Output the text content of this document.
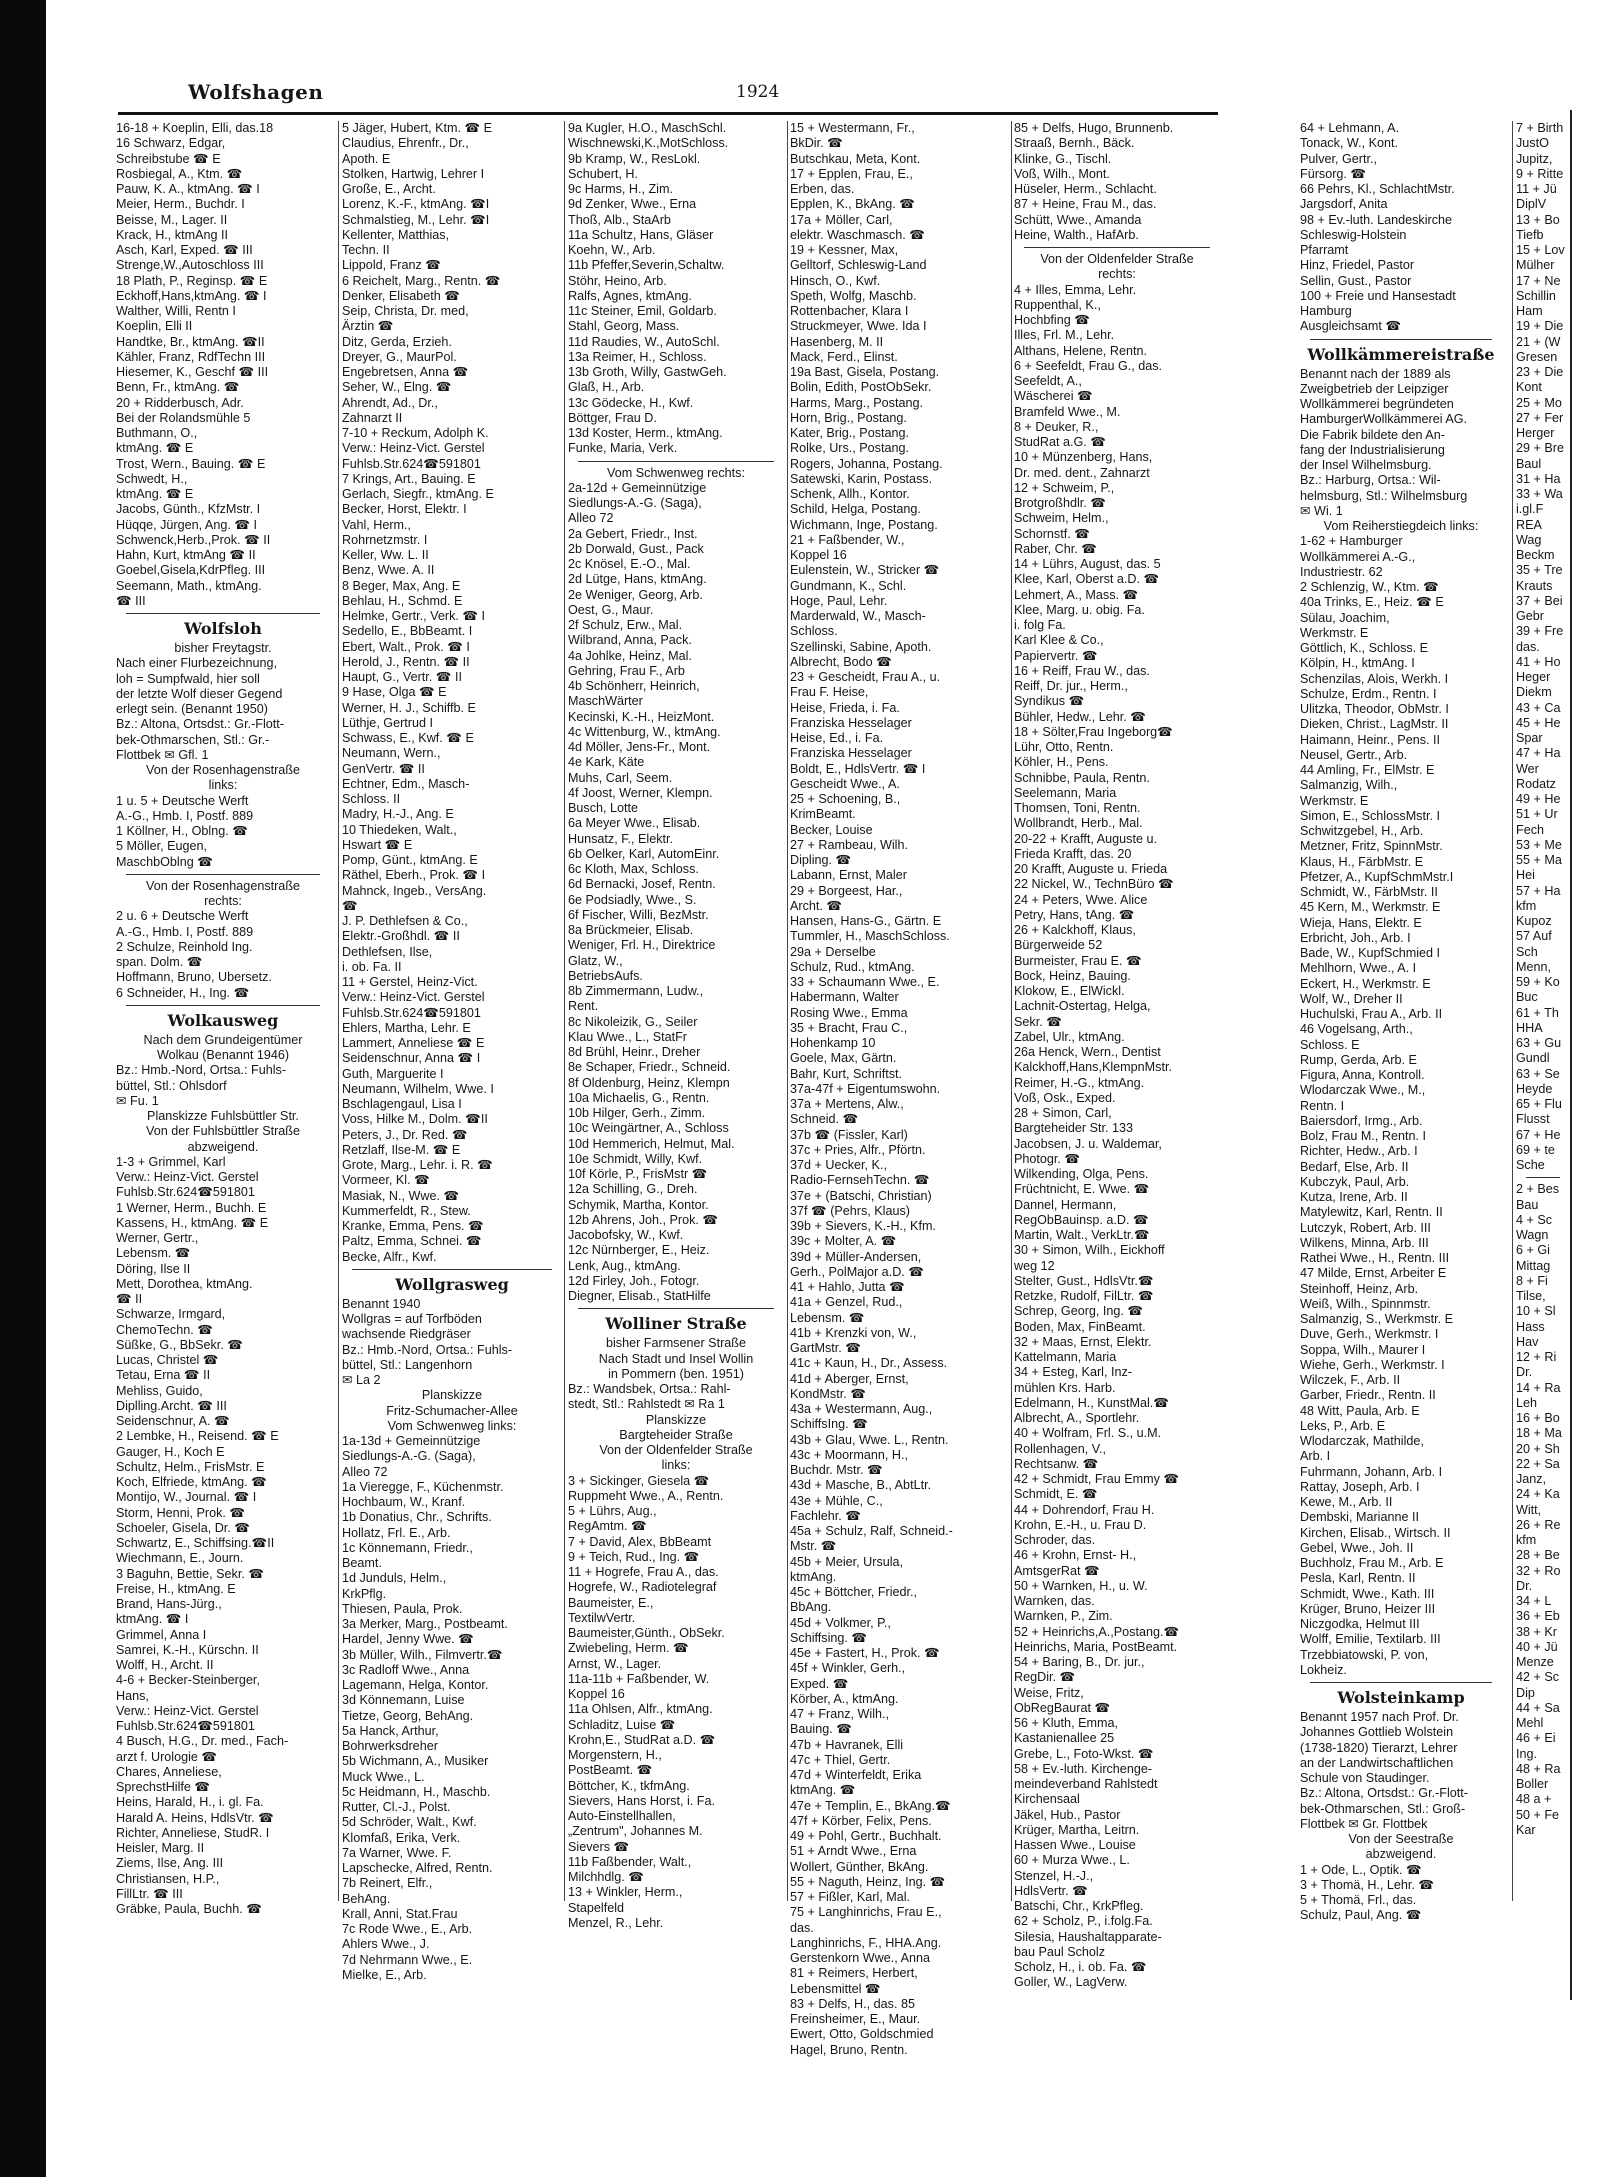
Wolfshagen	1924
16-18 + Koeplin, Elli, das.18
16 Schwarz, Edgar,
Schreibstube ☎ E
Rosbiegal, A., Ktm. ☎
Pauw, K. A., ktmAng. ☎ I
Meier, Herm., Buchdr. I
Beisse, M., Lager. II
Krack, H., ktmAng II
Asch, Karl, Exped. ☎ III
Strenge,W.,Autoschloss III
18 Plath, P., Reginsp. ☎ E
Eckhoff,Hans,ktmAng. ☎ I
Walther, Willi, Rentn I
Koeplin, Elli II
Handtke, Br., ktmAng. ☎II
Kähler, Franz, RdfTechn III
Hiesemer, K., Geschf ☎ III
Benn, Fr., ktmAng. ☎
20 + Ridderbusch, Adr.
Bei der Rolandsmühle 5
Buthmann, O.,
ktmAng. ☎ E
Trost, Wern., Bauing. ☎ E
Schwedt, H.,
ktmAng. ☎ E
Jacobs, Günth., KfzMstr. I
Hüqqe, Jürgen, Ang. ☎ I
Schwenck,Herb.,Prok. ☎ II
Hahn, Kurt, ktmAng ☎ II
Goebel,Gisela,KdrPfleg. III
Seemann, Math., ktmAng.
☎ III
Wolfsloh
bisher Freytagstr.
Nach einer Flurbezeichnung,
loh = Sumpfwald, hier soll
der letzte Wolf dieser Gegend
erlegt sein. (Benannt 1950)
Bz.: Altona, Ortsdst.: Gr.-Flott-
bek-Othmarschen, Stl.: Gr.-
Flottbek ✉ Gfl. 1
Von der Rosenhagenstraße
links:
1 u. 5 + Deutsche Werft
A.-G., Hmb. I, Postf. 889
1 Köllner, H., Oblng. ☎
5 Möller, Eugen,
MaschbOblng ☎
Von der Rosenhagenstraße
rechts:
2 u. 6 + Deutsche Werft
A.-G., Hmb. I, Postf. 889
2 Schulze, Reinhold Ing.
span. Dolm. ☎
Hoffmann, Bruno, Ubersetz.
6 Schneider, H., Ing. ☎
Wolkausweg
Nach dem Grundeigentümer
Wolkau (Benannt 1946)
Bz.: Hmb.-Nord, Ortsa.: Fuhls-
büttel, Stl.: Ohlsdorf
✉ Fu. 1
Planskizze Fuhlsbüttler Str.
Von der Fuhlsbüttler Straße
abzweigend.
1-3 + Grimmel, Karl
Verw.: Heinz-Vict. Gerstel
Fuhlsb.Str.624☎591801
1 Werner, Herm., Buchh. E
Kassens, H., ktmAng. ☎ E
Werner, Gertr.,
Lebensm. ☎
Döring, Ilse II
Mett, Dorothea, ktmAng.
☎ II
Schwarze, Irmgard,
ChemoTechn. ☎
Süßke, G., BbSekr. ☎
Lucas, Christel ☎
Tetau, Erna ☎ II
Mehliss, Guido,
Diplling.Archt. ☎ III
Seidenschnur, A. ☎
2 Lembke, H., Reisend. ☎ E
Gauger, H., Koch E
Schultz, Helm., FrisMstr. E
Koch, Elfriede, ktmAng. ☎
Montijo, W., Journal. ☎ I
Storm, Henni, Prok. ☎
Schoeler, Gisela, Dr. ☎
Schwartz, E., Schiffsing.☎II
Wiechmann, E., Journ.
3 Baguhn, Bettie, Sekr. ☎
Freise, H., ktmAng. E
Brand, Hans-Jürg.,
ktmAng. ☎ I
Grimmel, Anna I
Samrei, K.-H., Kürschn. II
Wolff, H., Archt. II
4-6 + Becker-Steinberger,
Hans,
Verw.: Heinz-Vict. Gerstel
Fuhlsb.Str.624☎591801
4 Busch, H.G., Dr. med., Fach-
arzt f. Urologie ☎
Chares, Anneliese,
SprechstHilfe ☎
Heins, Harald, H., i. gl. Fa.
Harald A. Heins, HdlsVtr. ☎
Richter, Anneliese, StudR. I
Heisler, Marg. II
Ziems, Ilse, Ang. III
Christiansen, H.P.,
FillLtr. ☎ III
Gräbke, Paula, Buchh. ☎
5 Jäger, Hubert, Ktm. ☎ E
Claudius, Ehrenfr., Dr.,
Apoth. E
Stolken, Hartwig, Lehrer I
Große, E., Archt.
Lorenz, K.-F., ktmAng. ☎I
Schmalstieg, M., Lehr. ☎I
Kellenter, Matthias,
Techn. II
Lippold, Franz ☎
6 Reichelt, Marg., Rentn. ☎
Denker, Elisabeth ☎
Seip, Christa, Dr. med,
Ärztin ☎
Ditz, Gerda, Erzieh.
Dreyer, G., MaurPol.
Engebretsen, Anna ☎
Seher, W., Elng. ☎
Ahrendt, Ad., Dr.,
Zahnarzt II
7-10 + Reckum, Adolph K.
Verw.: Heinz-Vict. Gerstel
Fuhlsb.Str.624☎591801
7 Krings, Art., Bauing. E
Gerlach, Siegfr., ktmAng. E
Becker, Horst, Elektr. I
Vahl, Herm.,
Rohrnetzmstr. I
Keller, Ww. L. II
Benz, Wwe. A. II
8 Beger, Max, Ang. E
Behlau, H., Schmd. E
Helmke, Gertr., Verk. ☎ I
Sedello, E., BbBeamt. I
Ebert, Walt., Prok. ☎ I
Herold, J., Rentn. ☎ II
Haupt, G., Vertr. ☎ II
9 Hase, Olga ☎ E
Werner, H. J., Schiffb. E
Lüthje, Gertrud I
Schwass, E., Kwf. ☎ E
Neumann, Wern.,
GenVertr. ☎ II
Echtner, Edm., Masch-
Schloss. II
Madry, H.-J., Ang. E
10 Thiedeken, Walt.,
Hswart ☎ E
Pomp, Günt., ktmAng. E
Räthel, Eberh., Prok. ☎ I
Mahnck, Ingeb., VersAng.
☎
J. P. Dethlefsen & Co.,
Elektr.-Großhdl. ☎ II
Dethlefsen, Ilse,
i. ob. Fa. II
11 + Gerstel, Heinz-Vict.
Verw.: Heinz-Vict. Gerstel
Fuhlsb.Str.624☎591801
Ehlers, Martha, Lehr. E
Lammert, Anneliese ☎ E
Seidenschnur, Anna ☎ I
Guth, Marguerite I
Neumann, Wilhelm, Wwe. I
Bschlagengaul, Lisa I
Voss, Hilke M., Dolm. ☎II
Peters, J., Dr. Red. ☎
Retzlaff, Ilse-M. ☎ E
Grote, Marg., Lehr. i. R. ☎
Vormeer, Kl. ☎
Masiak, N., Wwe. ☎
Kummerfeldt, R., Stew.
Kranke, Emma, Pens. ☎
Paltz, Emma, Schnei. ☎
Becke, Alfr., Kwf.
Wollgrasweg
Benannt 1940
Wollgras = auf Torfböden
wachsende Riedgräser
Bz.: Hmb.-Nord, Ortsa.: Fuhls-
büttel, Stl.: Langenhorn
✉ La 2
Planskizze
Fritz-Schumacher-Allee
Vom Schwenweg links:
1a-13d + Gemeinnützige
Siedlungs-A.-G. (Saga),
Alleo 72
1a Vieregge, F., Küchenmstr.
Hochbaum, W., Kranf.
1b Donatius, Chr., Schrifts.
Hollatz, Frl. E., Arb.
1c Könnemann, Friedr.,
Beamt.
1d Junduls, Helm.,
KrkPflg.
Thiesen, Paula, Prok.
3a Merker, Marg., Postbeamt.
Hardel, Jenny Wwe. ☎
3b Müller, Wilh., Filmvertr.☎
3c Radloff Wwe., Anna
Lagemann, Helga, Kontor.
3d Könnemann, Luise
Tietze, Georg, BehAng.
5a Hanck, Arthur,
Bohrwerksdreher
5b Wichmann, A., Musiker
Muck Wwe., L.
5c Heidmann, H., Maschb.
Rutter, Cl.-J., Polst.
5d Schröder, Walt., Kwf.
Klomfaß, Erika, Verk.
7a Warner, Wwe. F.
Lapschecke, Alfred, Rentn.
7b Reinert, Elfr.,
BehAng.
Krall, Anni, Stat.Frau
7c Rode Wwe., E., Arb.
Ahlers Wwe., J.
7d Nehrmann Wwe., E.
Mielke, E., Arb.
9a Kugler, H.O., MaschSchl.
Wischnewski,K.,MotSchloss.
9b Kramp, W., ResLokl.
Schubert, H.
9c Harms, H., Zim.
9d Zenker, Wwe., Erna
Thoß, Alb., StaArb
11a Schultz, Hans, Gläser
Koehn, W., Arb.
11b Pfeffer,Severin,Schaltw.
Stöhr, Heino, Arb.
Ralfs, Agnes, ktmAng.
11c Steiner, Emil, Goldarb.
Stahl, Georg, Mass.
11d Raudies, W., AutoSchl.
13a Reimer, H., Schloss.
13b Groth, Willy, GastwGeh.
Glaß, H., Arb.
13c Gödecke, H., Kwf.
Böttger, Frau D.
13d Koster, Herm., ktmAng.
Funke, Maria, Verk.
Vom Schwenweg rechts:
2a-12d + Gemeinnützige
Siedlungs-A.-G. (Saga),
Alleo 72
2a Gebert, Friedr., Inst.
2b Dorwald, Gust., Pack
2c Knösel, E.-O., Mal.
2d Lütge, Hans, ktmAng.
2e Weniger, Georg, Arb.
Oest, G., Maur.
2f Schulz, Erw., Mal.
Wilbrand, Anna, Pack.
4a Johlke, Heinz, Mal.
Gehring, Frau F., Arb
4b Schönherr, Heinrich,
MaschWärter
Kecinski, K.-H., HeizMont.
4c Wittenburg, W., ktmAng.
4d Möller, Jens-Fr., Mont.
4e Kark, Käte
Muhs, Carl, Seem.
4f Joost, Werner, Klempn.
Busch, Lotte
6a Meyer Wwe., Elisab.
Hunsatz, F., Elektr.
6b Oelker, Karl, AutomEinr.
6c Kloth, Max, Schloss.
6d Bernacki, Josef, Rentn.
6e Podsiadly, Wwe., S.
6f Fischer, Willi, BezMstr.
8a Brückmeier, Elisab.
Weniger, Frl. H., Direktrice
Glatz, W.,
BetriebsAufs.
8b Zimmermann, Ludw.,
Rent.
8c Nikoleizik, G., Seiler
Klau Wwe., L., StatFr
8d Brühl, Heinr., Dreher
8e Schaper, Friedr., Schneid.
8f Oldenburg, Heinz, Klempn
10a Michaelis, G., Rentn.
10b Hilger, Gerh., Zimm.
10c Weingärtner, A., Schloss
10d Hemmerich, Helmut, Mal.
10e Schmidt, Willy, Kwf.
10f Körle, P., FrisMstr ☎
12a Schilling, G., Dreh.
Schymik, Martha, Kontor.
12b Ahrens, Joh., Prok. ☎
Jacobofsky, W., Kwf.
12c Nürnberger, E., Heiz.
Lenk, Aug., ktmAng.
12d Firley, Joh., Fotogr.
Diegner, Elisab., StatHilfe
Wolliner Straße
bisher Farmsener Straße
Nach Stadt und Insel Wollin
in Pommern (ben. 1951)
Bz.: Wandsbek, Ortsa.: Rahl-
stedt, Stl.: Rahlstedt ✉ Ra 1
Planskizze
Bargteheider Straße
Von der Oldenfelder Straße
links:
3 + Sickinger, Giesela ☎
Ruppmeht Wwe., A., Rentn.
5 + Lührs, Aug.,
RegAmtm. ☎
7 + David, Alex, BbBeamt
9 + Teich, Rud., Ing. ☎
11 + Hogrefe, Frau A., das.
Hogrefe, W., Radiotelegraf
Baumeister, E.,
TextilwVertr.
Baumeister,Günth., ObSekr.
Zwiebeling, Herm. ☎
Arnst, W., Lager.
11a-11b + Faßbender, W.
Koppel 16
11a Ohlsen, Alfr., ktmAng.
Schladitz, Luise ☎
Krohn,E., StudRat a.D. ☎
Morgenstern, H.,
PostBeamt. ☎
Böttcher, K., tkfmAng.
Sievers, Hans Horst, i. Fa.
Auto-Einstellhallen,
„Zentrum", Johannes M.
Sievers ☎
11b Faßbender, Walt.,
Milchhdlg. ☎
13 + Winkler, Herm.,
Stapelfeld
Menzel, R., Lehr.
15 + Westermann, Fr.,
BkDir. ☎
Butschkau, Meta, Kont.
17 + Epplen, Frau, E.,
Erben, das.
Epplen, K., BkAng. ☎
17a + Möller, Carl,
elektr. Waschmasch. ☎
19 + Kessner, Max,
Gelltorf, Schleswig-Land
Hinsch, O., Kwf.
Speth, Wolfg, Maschb.
Rottenbacher, Klara I
Struckmeyer, Wwe. Ida I
Hasenberg, M. II
Mack, Ferd., Elinst.
19a Bast, Gisela, Postang.
Bolin, Edith, PostObSekr.
Harms, Marg., Postang.
Horn, Brig., Postang.
Kater, Brig., Postang.
Rolke, Urs., Postang.
Rogers, Johanna, Postang.
Satewski, Karin, Postass.
Schenk, Allh., Kontor.
Schild, Helga, Postang.
Wichmann, Inge, Postang.
21 + Faßbender, W.,
Koppel 16
Eulenstein, W., Stricker ☎
Gundmann, K., Schl.
Hoge, Paul, Lehr.
Marderwald, W., Masch-
Schloss.
Szellinski, Sabine, Apoth.
Albrecht, Bodo ☎
23 + Gescheidt, Frau A., u.
Frau F. Heise,
Heise, Frieda, i. Fa.
Franziska Hesselager
Heise, Ed., i. Fa.
Franziska Hesselager
Boldt, E., HdlsVertr. ☎ I
Gescheidt Wwe., A.
25 + Schoening, B.,
KrimBeamt.
Becker, Louise
27 + Rambeau, Wilh.
Dipling. ☎
Labann, Ernst, Maler
29 + Borgeest, Har.,
Archt. ☎
Hansen, Hans-G., Gärtn. E
Tummler, H., MaschSchloss.
29a + Derselbe
Schulz, Rud., ktmAng.
33 + Schaumann Wwe., E.
Habermann, Walter
Rosing Wwe., Emma
35 + Bracht, Frau C.,
Hohenkamp 10
Goele, Max, Gärtn.
Bahr, Kurt, Schriftst.
37a-47f + Eigentumswohn.
37a + Mertens, Alw.,
Schneid. ☎
37b ☎ (Fissler, Karl)
37c + Pries, Alfr., Pförtn.
37d + Uecker, K.,
Radio-FernsehTechn. ☎
37e + (Batschi, Christian)
37f ☎ (Pehrs, Klaus)
39b + Sievers, K.-H., Kfm.
39c + Molter, A. ☎
39d + Müller-Andersen,
Gerh., PolMajor a.D. ☎
41 + Hahlo, Jutta ☎
41a + Genzel, Rud.,
Lebensm. ☎
41b + Krenzki von, W.,
GartMstr. ☎
41c + Kaun, H., Dr., Assess.
41d + Aberger, Ernst,
KondMstr. ☎
43a + Westermann, Aug.,
SchiffsIng. ☎
43b + Glau, Wwe. L., Rentn.
43c + Moormann, H.,
Buchdr. Mstr. ☎
43d + Masche, B., AbtLtr.
43e + Mühle, C.,
Fachlehr. ☎
45a + Schulz, Ralf, Schneid.-
Mstr. ☎
45b + Meier, Ursula,
ktmAng.
45c + Böttcher, Friedr.,
BbAng.
45d + Volkmer, P.,
Schiffsing. ☎
45e + Fastert, H., Prok. ☎
45f + Winkler, Gerh.,
Exped. ☎
Körber, A., ktmAng.
47 + Franz, Wilh.,
Bauing. ☎
47b + Havranek, Elli
47c + Thiel, Gertr.
47d + Winterfeldt, Erika
ktmAng. ☎
47e + Templin, E., BkAng.☎
47f + Körber, Felix, Pens.
49 + Pohl, Gertr., Buchhalt.
51 + Arndt Wwe., Erna
Wollert, Günther, BkAng.
55 + Naguth, Heinz, Ing. ☎
57 + Fißler, Karl, Mal.
75 + Langhinrichs, Frau E.,
das.
Langhinrichs, F., HHA.Ang.
Gerstenkorn Wwe., Anna
81 + Reimers, Herbert,
Lebensmittel ☎
83 + Delfs, H., das. 85
Freinsheimer, E., Maur.
Ewert, Otto, Goldschmied
Hagel, Bruno, Rentn.
85 + Delfs, Hugo, Brunnenb.
Straaß, Bernh., Bäck.
Klinke, G., Tischl.
Voß, Wilh., Mont.
Hüseler, Herm., Schlacht.
87 + Heine, Frau M., das.
Schütt, Wwe., Amanda
Heine, Walth., HafArb.
Von der Oldenfelder Straße
rechts:
4 + Illes, Emma, Lehr.
Ruppenthal, K.,
Hochbfing ☎
Illes, Frl. M., Lehr.
Althans, Helene, Rentn.
6 + Seefeldt, Frau G., das.
Seefeldt, A.,
Wäscherei ☎
Bramfeld Wwe., M.
8 + Deuker, R.,
StudRat a.G. ☎
10 + Münzenberg, Hans,
Dr. med. dent., Zahnarzt
12 + Schweim, P.,
Brotgroßhdlr. ☎
Schweim, Helm.,
Schornstf. ☎
Raber, Chr. ☎
14 + Lührs, August, das. 5
Klee, Karl, Oberst a.D. ☎
Lehmert, A., Mass. ☎
Klee, Marg. u. obig. Fa.
i. folg Fa.
Karl Klee & Co.,
Papiervertr. ☎
16 + Reiff, Frau W., das.
Reiff, Dr. jur., Herm.,
Syndikus ☎
Bühler, Hedw., Lehr. ☎
18 + Sölter,Frau Ingeborg☎
Lühr, Otto, Rentn.
Köhler, H., Pens.
Schnibbe, Paula, Rentn.
Seelemann, Maria
Thomsen, Toni, Rentn.
Wollbrandt, Herb., Mal.
20-22 + Krafft, Auguste u.
Frieda Krafft, das. 20
20 Krafft, Auguste u. Frieda
22 Nickel, W., TechnBüro ☎
24 + Peters, Wwe. Alice
Petry, Hans, tAng. ☎
26 + Kalckhoff, Klaus,
Bürgerweide 52
Burmeister, Frau E. ☎
Bock, Heinz, Bauing.
Klokow, E., ElWickl.
Lachnit-Ostertag, Helga,
Sekr. ☎
Zabel, Ulr., ktmAng.
26a Henck, Wern., Dentist
Kalckhoff,Hans,KlempnMstr.
Reimer, H.-G., ktmAng.
Voß, Osk., Exped.
28 + Simon, Carl,
Bargteheider Str. 133
Jacobsen, J. u. Waldemar,
Photogr. ☎
Wilkending, Olga, Pens.
Früchtnicht, E. Wwe. ☎
Dannel, Hermann,
RegObBauinsp. a.D. ☎
Martin, Walt., VerkLtr.☎
30 + Simon, Wilh., Eickhoff
weg 12
Stelter, Gust., HdlsVtr.☎
Retzke, Rudolf, FilLtr. ☎
Schrep, Georg, Ing. ☎
Boden, Max, FinBeamt.
32 + Maas, Ernst, Elektr.
Kattelmann, Maria
34 + Esteg, Karl, Inz-
mühlen Krs. Harb.
Edelmann, H., KunstMal.☎
Albrecht, A., Sportlehr.
40 + Wolfram, Frl. S., u.M.
Rollenhagen, V.,
Rechtsanw. ☎
42 + Schmidt, Frau Emmy ☎
Schmidt, E. ☎
44 + Dohrendorf, Frau H.
Krohn, E.-H., u. Frau D.
Schroder, das.
46 + Krohn, Ernst- H.,
AmtsgerRat ☎
50 + Warnken, H., u. W.
Warnken, das.
Warnken, P., Zim.
52 + Heinrichs,A.,Postang.☎
Heinrichs, Maria, PostBeamt.
54 + Baring, B., Dr. jur.,
RegDir. ☎
Weise, Fritz,
ObRegBaurat ☎
56 + Kluth, Emma,
Kastanienallee 25
Grebe, L., Foto-Wkst. ☎
58 + Ev.-luth. Kirchenge-
meindeverband Rahlstedt
Kirchensaal
Jäkel, Hub., Pastor
Krüger, Martha, Leitrn.
Hassen Wwe., Louise
60 + Murza Wwe., L.
Stenzel, H.-J.,
HdlsVertr. ☎
Batschi, Chr., KrkPfleg.
62 + Scholz, P., i.folg.Fa.
Silesia, Haushaltapparate-
bau Paul Scholz
Scholz, H., i. ob. Fa. ☎
Goller, W., LagVerw.
64 + Lehmann, A.
Tonack, W., Kont.
Pulver, Gertr.,
Fürsorg. ☎
66 Pehrs, Kl., SchlachtMstr.
Jargsdorf, Anita
98 + Ev.-luth. Landeskirche
Schleswig-Holstein
Pfarramt
Hinz, Friedel, Pastor
Sellin, Gust., Pastor
100 + Freie und Hansestadt
Hamburg
Ausgleichsamt ☎
Wollkämmereistraße
Benannt nach der 1889 als
Zweigbetrieb der Leipziger
Wollkämmerei begründeten
HamburgerWollkämmerei AG.
Die Fabrik bildete den An-
fang der Industrialisierung
der Insel Wilhelmsburg.
Bz.: Harburg, Ortsa.: Wil-
helmsburg, Stl.: Wilhelmsburg
✉ Wi. 1
Vom Reiherstiegdeich links:
1-62 + Hamburger
Wollkämmerei A.-G.,
Industriestr. 62
2 Schlenzig, W., Ktm. ☎
40a Trinks, E., Heiz. ☎ E
Sülau, Joachim,
Werkmstr. E
Göttlich, K., Schloss. E
Kölpin, H., ktmAng. I
Schenzilas, Alois, Werkh. I
Schulze, Erdm., Rentn. I
Ulitzka, Theodor, ObMstr. I
Dieken, Christ., LagMstr. II
Haimann, Heinr., Pens. II
Neusel, Gertr., Arb.
44 Amling, Fr., ElMstr. E
Salmanzig, Wilh.,
Werkmstr. E
Simon, E., SchlossMstr. I
Schwitzgebel, H., Arb.
Metzner, Fritz, SpinnMstr.
Klaus, H., FärbMstr. E
Pfetzer, A., KupfSchmMstr.I
Schmidt, W., FärbMstr. II
45 Kern, M., Werkmstr. E
Wieja, Hans, Elektr. E
Erbricht, Joh., Arb. I
Bade, W., KupfSchmied I
Mehlhorn, Wwe., A. I
Eckert, H., Werkmstr. E
Wolf, W., Dreher II
Huchulski, Frau A., Arb. II
46 Vogelsang, Arth.,
Schloss. E
Rump, Gerda, Arb. E
Figura, Anna, Kontroll.
Wlodarczak Wwe., M.,
Rentn. I
Baiersdorf, Irmg., Arb.
Bolz, Frau M., Rentn. I
Richter, Hedw., Arb. I
Bedarf, Else, Arb. II
Kubczyk, Paul, Arb.
Kutza, Irene, Arb. II
Matylewitz, Karl, Rentn. II
Lutczyk, Robert, Arb. III
Wilkens, Minna, Arb. III
Rathei Wwe., H., Rentn. III
47 Milde, Ernst, Arbeiter E
Steinhoff, Heinz, Arb.
Weiß, Wilh., Spinnmstr.
Salmanzig, S., Werkmstr. E
Duve, Gerh., Werkmstr. I
Soppa, Wilh., Maurer I
Wiehe, Gerh., Werkmstr. I
Wilczek, F., Arb. II
Garber, Friedr., Rentn. II
48 Witt, Paula, Arb. E
Leks, P., Arb. E
Wlodarczak, Mathilde,
Arb. I
Fuhrmann, Johann, Arb. I
Rattay, Joseph, Arb. I
Kewe, M., Arb. II
Dembski, Marianne II
Kirchen, Elisab., Wirtsch. II
Gebel, Wwe., Joh. II
Buchholz, Frau M., Arb. E
Pesla, Karl, Rentn. II
Schmidt, Wwe., Kath. III
Krüger, Bruno, Heizer III
Niczgodka, Helmut III
Wolff, Emilie, Textilarb. III
Trzebbiatowski, P. von,
Lokheiz.
Wolsteinkamp
Benannt 1957 nach Prof. Dr.
Johannes Gottlieb Wolstein
(1738-1820) Tierarzt, Lehrer
an der Landwirtschaftlichen
Schule von Staudinger.
Bz.: Altona, Ortsdst.: Gr.-Flott-
bek-Othmarschen, Stl.: Groß-
Flottbek ✉ Gr. Flottbek
Von der Seestraße
abzweigend.
1 + Ode, L., Optik. ☎
3 + Thomä, H., Lehr. ☎
5 + Thomä, Frl., das.
Schulz, Paul, Ang. ☎
7 + Birth
JustO
Jupitz,
9 + Ritte
11 + Jü
DiplV
13 + Bo
Tiefb
15 + Lov
Mülher
17 + Ne
Schillin
Ham
19 + Die
21 + (W
Gresen
23 + Die
Kont
25 + Mo
27 + Fer
Herger
29 + Bre
Baul
31 + Ha
33 + Wa
i.gl.F
REA
Wag
Beckm
35 + Tre
Krauts
37 + Bei
Gebr
39 + Fre
das.
41 + Ho
Heger
Diekm
43 + Ca
45 + He
Spar
47 + Ha
Wer
Rodatz
49 + He
51 + Ur
Fech
53 + Me
55 + Ma
Hei
57 + Ha
kfm
Kupoz
57 Auf
Sch
Menn,
59 + Ko
Buc
61 + Th
HHA
63 + Gu
Gundl
63 + Se
Heyde
65 + Flu
Flusst
67 + He
69 + te
Sche
2 + Bes
Bau
4 + Sc
Wagn
6 + Gi
Mittag
8 + Fi
Tilse,
10 + Sl
Hass
Hav
12 + Ri
Dr.
14 + Ra
Leh
16 + Bo
18 + Ma
20 + Sh
22 + Sa
Janz,
24 + Ka
Witt,
26 + Re
kfm
28 + Be
32 + Ro
Dr.
34 + L
36 + Eb
38 + Kr
40 + Jü
Menze
42 + Sc
Dip
44 + Sa
Mehl
46 + Ei
Ing.
48 + Ra
Boller
48 a +
50 + Fe
Kar
